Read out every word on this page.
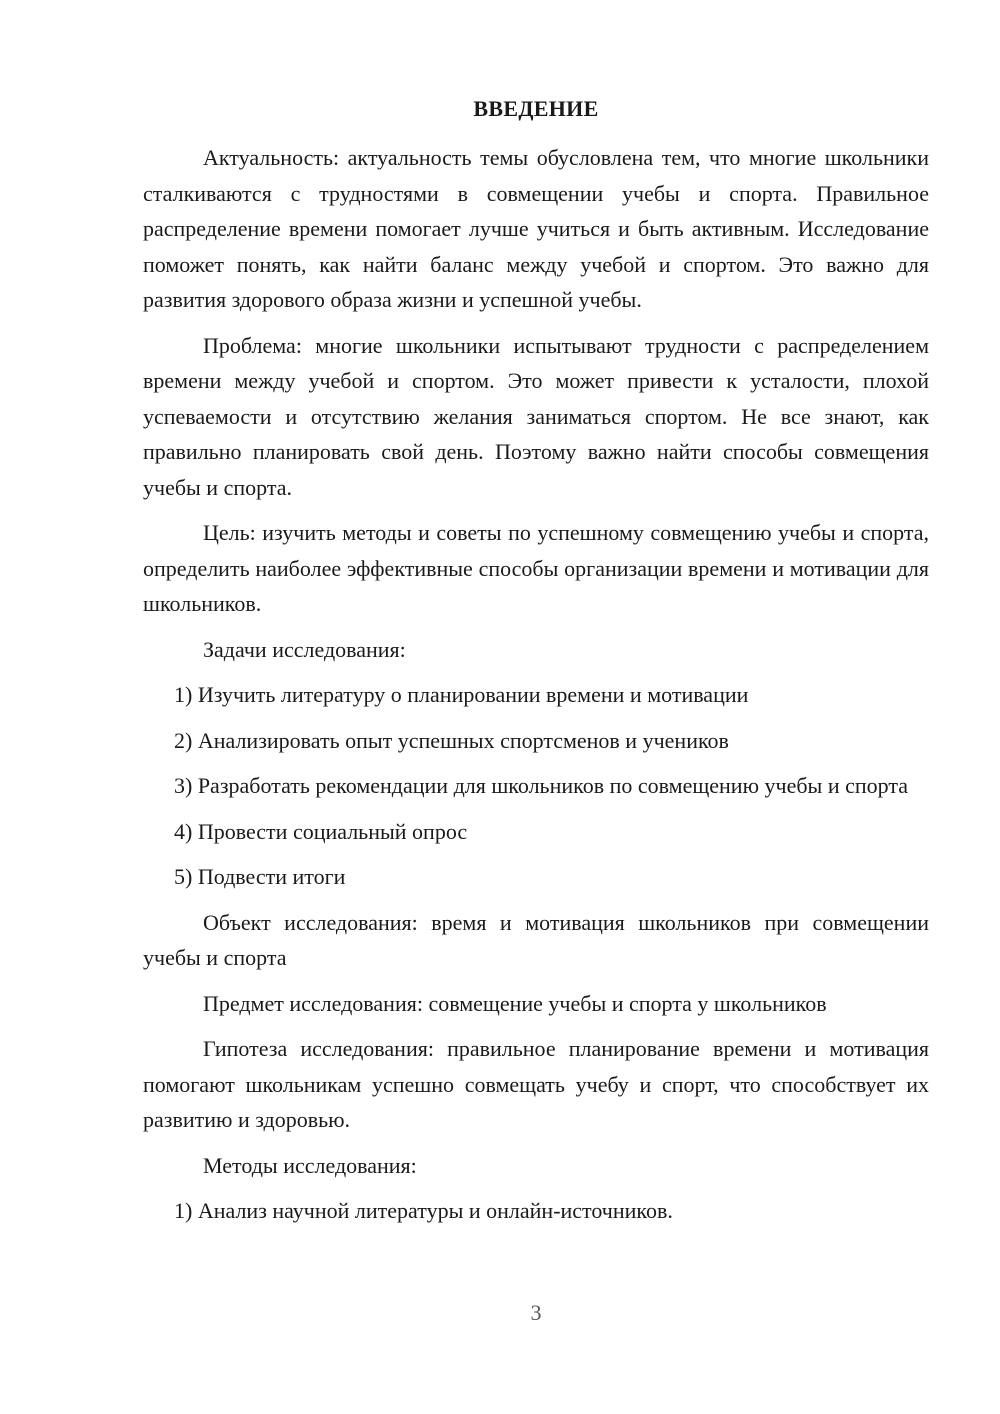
ВВЕДЕНИЕ

Актуальность: актуальность темы обусловлена тем, что многие школьники сталкиваются с трудностями в совмещении учебы и спорта. Правильное распределение времени помогает лучше учиться и быть активным. Исследование поможет понять, как найти баланс между учебой и спортом. Это важно для развития здорового образа жизни и успешной учебы.

Проблема: многие школьники испытывают трудности с распределением времени между учебой и спортом. Это может привести к усталости, плохой успеваемости и отсутствию желания заниматься спортом. Не все знают, как правильно планировать свой день. Поэтому важно найти способы совмещения учебы и спорта.

Цель: изучить методы и советы по успешному совмещению учебы и спорта, определить наиболее эффективные способы организации времени и мотивации для школьников.

Задачи исследования:

1) Изучить литературу о планировании времени и мотивации

2) Анализировать опыт успешных спортсменов и учеников

3) Разработать рекомендации для школьников по совмещению учебы и спорта

4) Провести социальный опрос

5) Подвести итоги

Объект исследования: время и мотивация школьников при совмещении учебы и спорта

Предмет исследования: совмещение учебы и спорта у школьников

Гипотеза исследования: правильное планирование времени и мотивация помогают школьникам успешно совмещать учебу и спорт, что способствует их развитию и здоровью.

Методы исследования:

1) Анализ научной литературы и онлайн-источников.

3
